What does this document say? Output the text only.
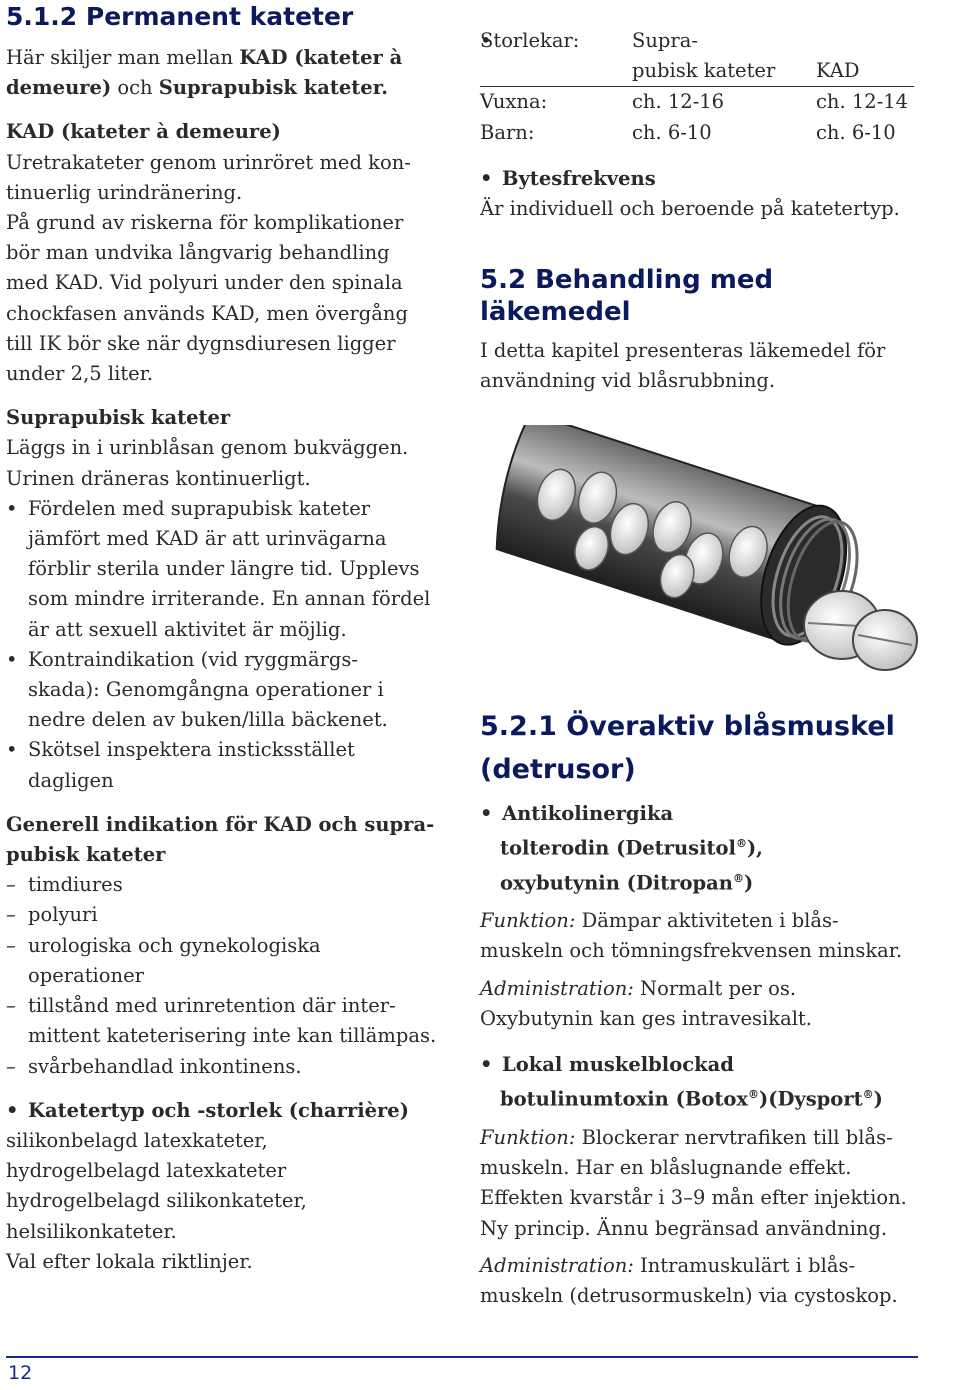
5.1.2 Permanent kateter

Här skiljer man mellan KAD (kateter à
demeure) och Suprapubisk kateter.

KAD (kateter à demeure)

Uretrakateter genom urinröret med kon-

tinuerlig urindränering.

På grund av riskerna för komplikationer

bör man undvika långvarig behandling

med KAD. Vid polyuri under den spinala

chockfasen används KAD, men övergång

till IK bör ske när dygnsdiuresen ligger

under 2,5 liter.

Suprapubisk kateter

Läggs in i urinblåsan genom bukväggen.

Urinen dräneras kontinuerligt.

• Fördelen med suprapubisk kateter
jämfört med KAD är att urinvägarna
förblir sterila under längre tid. Upplevs
som mindre irriterande. En annan fördel
är att sexuell aktivitet är möjlig.

• Kontraindikation (vid ryggmärgs-
skada): Genomgångna operationer i
nedre delen av buken/lilla bäckenet.

• Skötsel inspektera insticksstället
dagligen

Generell indikation för KAD och supra-
pubisk kateter

– timdiures

– polyuri

– urologiska och gynekologiska
operationer

– tillstånd med urinretention där inter-
mittent kateterisering inte kan tillämpas.

– svårbehandlad inkontinens.

• Katetertyp och -storlek (charrière)

silikonbelagd latexkateter,

hydrogelbelagd latexkateter

hydrogelbelagd silikonkateter,

helsilikonkateter.

Val efter lokala riktlinjer.

• Storlekar:	Supra-
pubisk kateter	KAD
Vuxna:	ch. 12-16	ch. 12-14
Barn:	ch. 6-10	ch. 6-10

• Bytesfrekvens

Är individuell och beroende på katetertyp.

5.2 Behandling med läkemedel

I detta kapitel presenteras läkemedel för

användning vid blåsrubbning.

5.2.1 Överaktiv blåsmuskel
(detrusor)

• Antikolinergika

tolterodin (Detrusitol®),
oxybutynin (Ditropan®)

Funktion: Dämpar aktiviteten i blås-
muskeln och tömningsfrekvensen minskar.

Administration: Normalt per os.
Oxybutynin kan ges intravesikalt.

• Lokal muskelblockad

botulinumtoxin (Botox®)(Dysport®)

Funktion: Blockerar nervtrafiken till blås-
muskeln. Har en blåslugnande effekt.
Effekten kvarstår i 3–9 mån efter injektion.
Ny princip. Ännu begränsad användning.

Administration: Intramuskulärt i blås-
muskeln (detrusormuskeln) via cystoskop.

12
